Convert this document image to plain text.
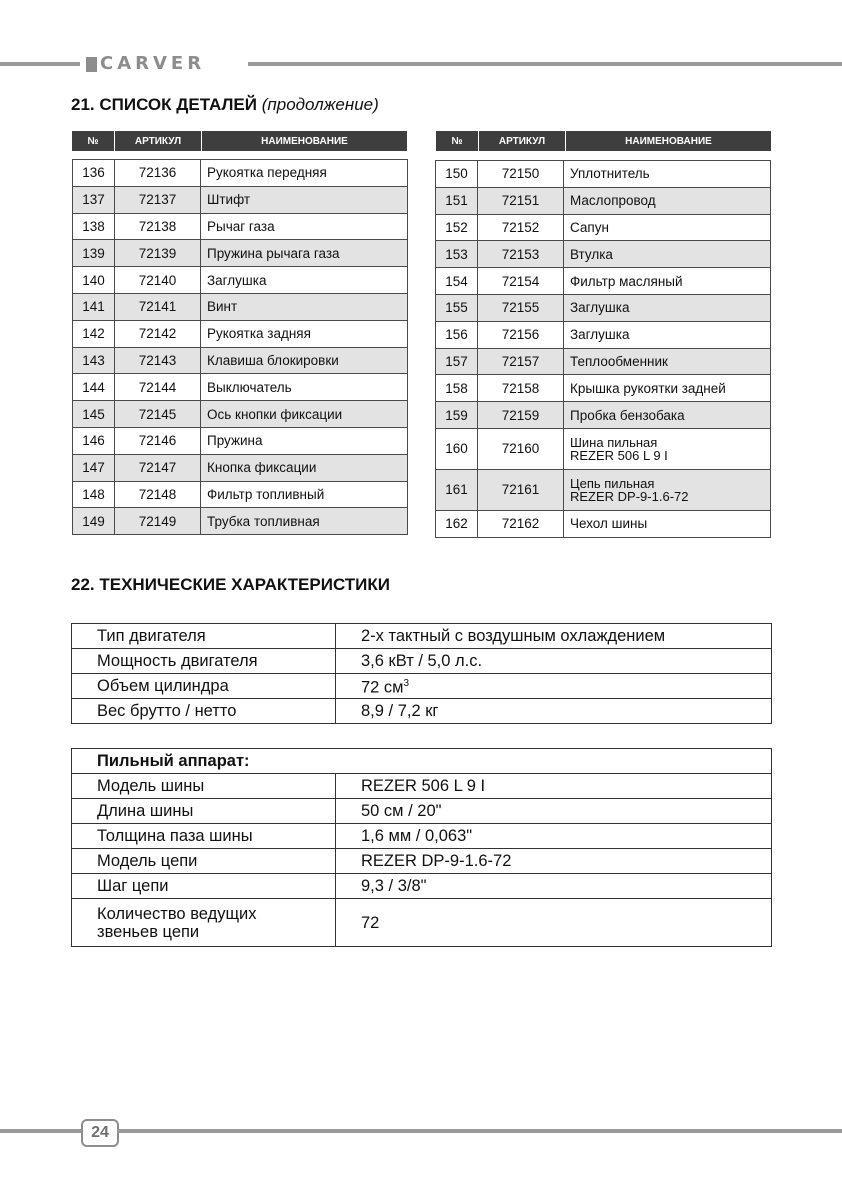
CARVER
21. СПИСОК ДЕТАЛЕЙ (продолжение)
№	АРТИКУЛ	НАИМЕНОВАНИЕ	№	АРТИКУЛ	НАИМЕНОВАНИЕ
136	72136	Рукоятка передняя
137	72137	Штифт
138	72138	Рычаг газа
139	72139	Пружина рычага газа
140	72140	Заглушка
141	72141	Винт
142	72142	Рукоятка задняя
143	72143	Клавиша блокировки
144	72144	Выключатель
145	72145	Ось кнопки фиксации
146	72146	Пружина
147	72147	Кнопка фиксации
148	72148	Фильтр топливный
149	72149	Трубка топливная
150	72150	Уплотнитель
151	72151	Маслопровод
152	72152	Сапун
153	72153	Втулка
154	72154	Фильтр масляный
155	72155	Заглушка
156	72156	Заглушка
157	72157	Теплообменник
158	72158	Крышка рукоятки задней
159	72159	Пробка бензобака
160	72160	Шина пильная
REZER 506 L 9 I
161	72161	Цепь пильная
REZER DP-9-1.6-72
162	72162	Чехол шины
22. ТЕХНИЧЕСКИЕ ХАРАКТЕРИСТИКИ
Тип двигателя	2-х тактный с воздушным охлаждением
Мощность двигателя	3,6 кВт / 5,0 л.с.
Объем цилиндра	72 $см^3$
Вес брутто / нетто	8,9 / 7,2 кг
Пильный аппарат:	
Модель шины	REZER 506 L 9 I
Длина шины	50 см / 20"
Толщина паза шины	1,6 мм / 0,063"
Модель цепи	REZER DP-9-1.6-72
Шаг цепи	9,3 / 3/8"
Количество ведущих
звеньев цепи	72
24
